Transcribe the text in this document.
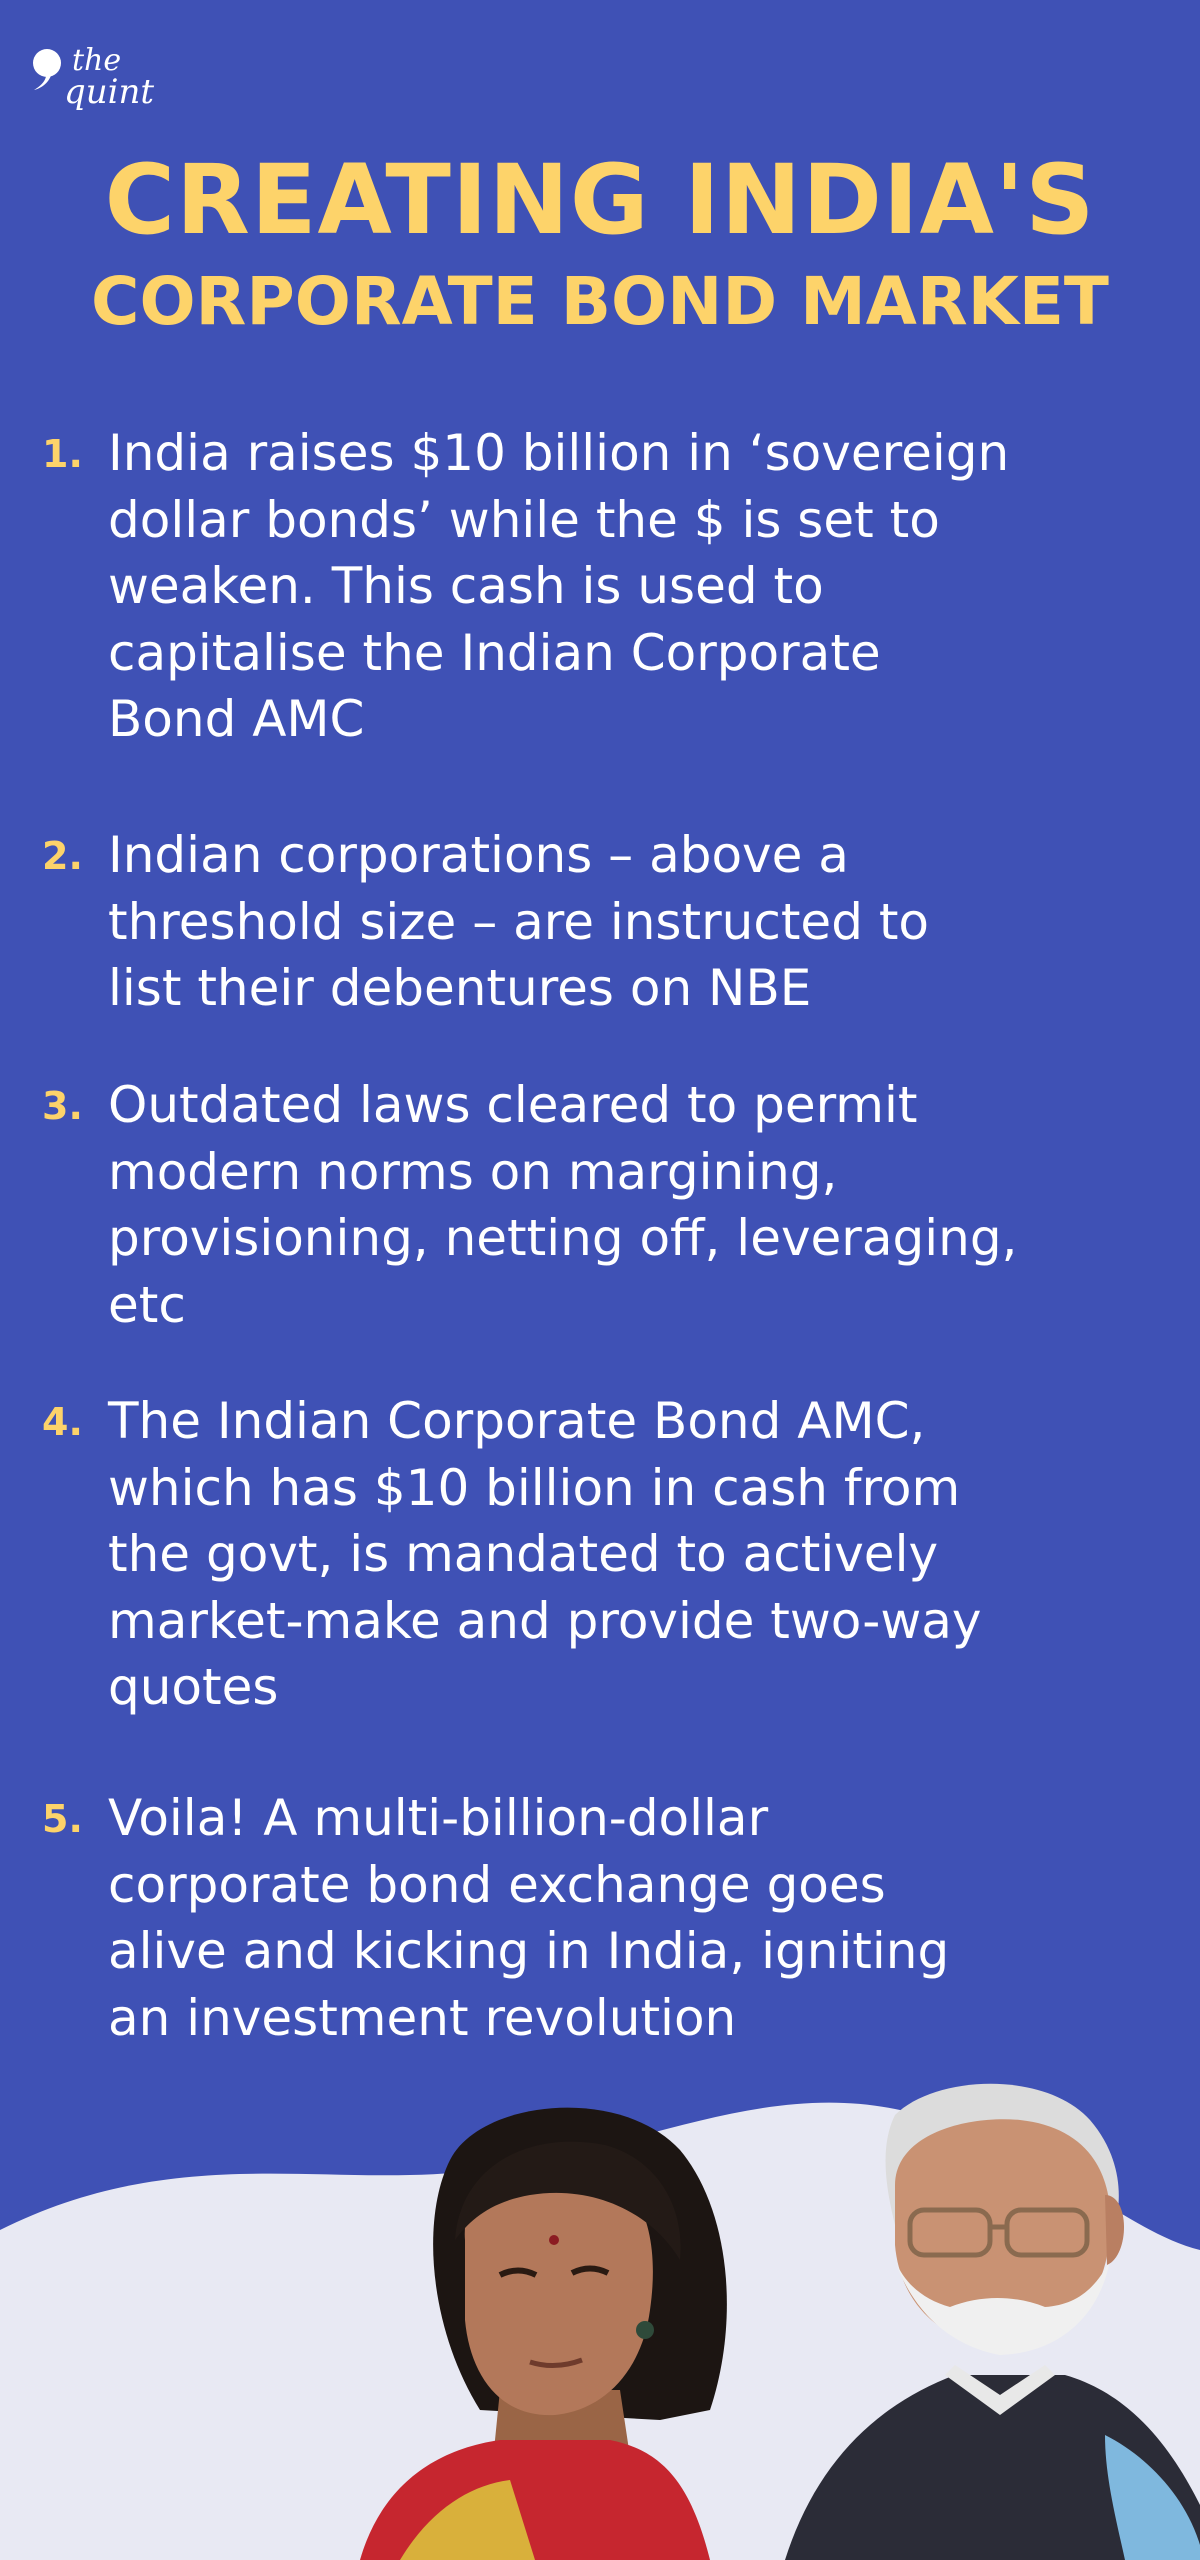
the
quint
CREATING INDIA'S
CORPORATE BOND MARKET
1. India raises $10 billion in ‘sovereign
dollar bonds’ while the $ is set to
weaken. This cash is used to
capitalise the Indian Corporate
Bond AMC
2. Indian corporations – above a
threshold size – are instructed to
list their debentures on NBE
3. Outdated laws cleared to permit
modern norms on margining,
provisioning, netting off, leveraging,
etc
4. The Indian Corporate Bond AMC,
which has $10 billion in cash from
the govt, is mandated to actively
market-make and provide two-way
quotes
5. Voila! A multi-billion-dollar
corporate bond exchange goes
alive and kicking in India, igniting
an investment revolution
